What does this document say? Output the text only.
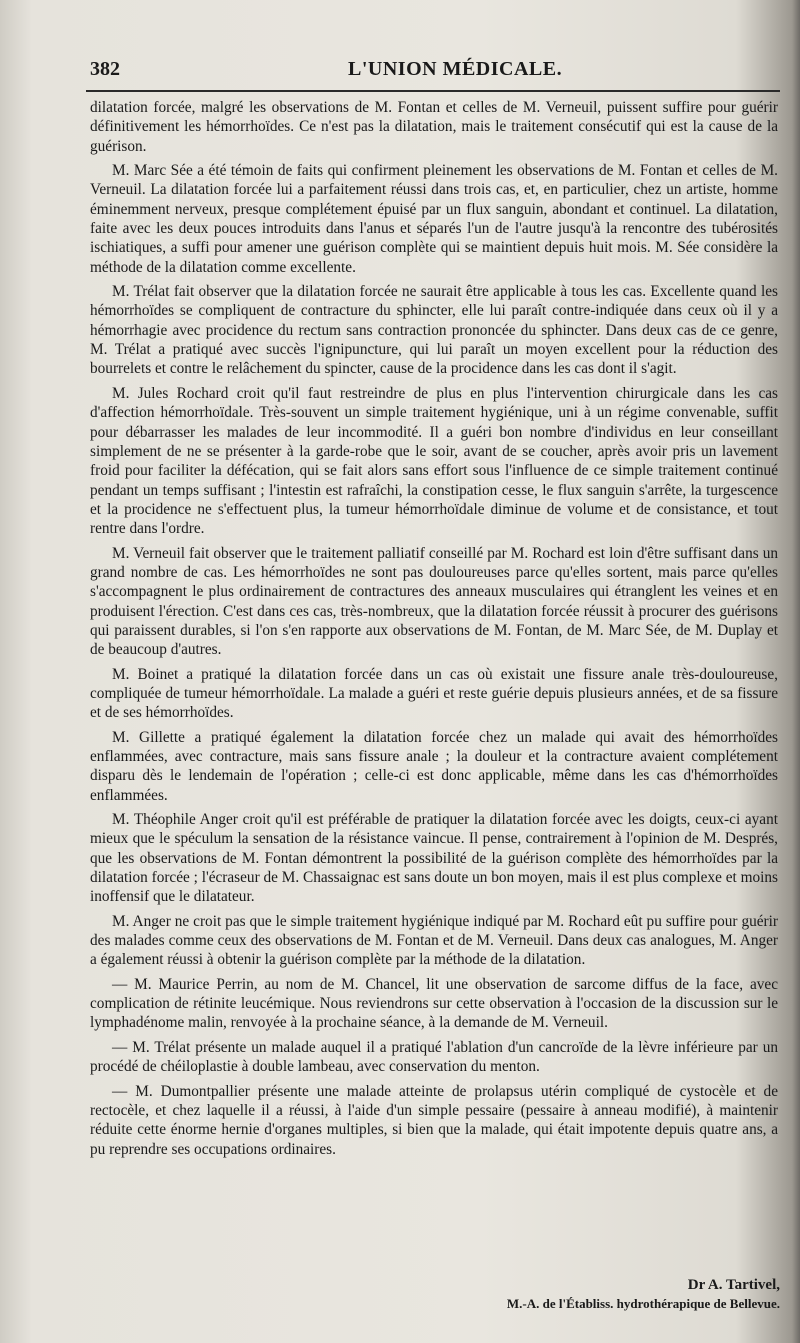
382	L'UNION MÉDICALE.

dilatation forcée, malgré les observations de M. Fontan et celles de M. Verneuil, puissent suffire pour guérir définitivement les hémorrhoïdes. Ce n'est pas la dilatation, mais le traitement consécutif qui est la cause de la guérison.

M. Marc Sée a été témoin de faits qui confirment pleinement les observations de M. Fontan et celles de M. Verneuil. La dilatation forcée lui a parfaitement réussi dans trois cas, et, en particulier, chez un artiste, homme éminemment nerveux, presque complétement épuisé par un flux sanguin, abondant et continuel. La dilatation, faite avec les deux pouces introduits dans l'anus et séparés l'un de l'autre jusqu'à la rencontre des tubérosités ischiatiques, a suffi pour amener une guérison complète qui se maintient depuis huit mois. M. Sée considère la méthode de la dilatation comme excellente.

M. Trélat fait observer que la dilatation forcée ne saurait être applicable à tous les cas. Excellente quand les hémorrhoïdes se compliquent de contracture du sphincter, elle lui paraît contre-indiquée dans ceux où il y a hémorrhagie avec procidence du rectum sans contraction prononcée du sphincter. Dans deux cas de ce genre, M. Trélat a pratiqué avec succès l'ignipuncture, qui lui paraît un moyen excellent pour la réduction des bourrelets et contre le relâchement du spincter, cause de la procidence dans les cas dont il s'agit.

M. Jules Rochard croit qu'il faut restreindre de plus en plus l'intervention chirurgicale dans les cas d'affection hémorrhoïdale. Très-souvent un simple traitement hygiénique, uni à un régime convenable, suffit pour débarrasser les malades de leur incommodité. Il a guéri bon nombre d'individus en leur conseillant simplement de ne se présenter à la garde-robe que le soir, avant de se coucher, après avoir pris un lavement froid pour faciliter la défécation, qui se fait alors sans effort sous l'influence de ce simple traitement continué pendant un temps suffisant ; l'intestin est rafraîchi, la constipation cesse, le flux sanguin s'arrête, la turgescence et la procidence ne s'effectuent plus, la tumeur hémorrhoïdale diminue de volume et de consistance, et tout rentre dans l'ordre.

M. Verneuil fait observer que le traitement palliatif conseillé par M. Rochard est loin d'être suffisant dans un grand nombre de cas. Les hémorrhoïdes ne sont pas douloureuses parce qu'elles sortent, mais parce qu'elles s'accompagnent le plus ordinairement de contractures des anneaux musculaires qui étranglent les veines et en produisent l'érection. C'est dans ces cas, très-nombreux, que la dilatation forcée réussit à procurer des guérisons qui paraissent durables, si l'on s'en rapporte aux observations de M. Fontan, de M. Marc Sée, de M. Duplay et de beaucoup d'autres.

M. Boinet a pratiqué la dilatation forcée dans un cas où existait une fissure anale très-douloureuse, compliquée de tumeur hémorrhoïdale. La malade a guéri et reste guérie depuis plusieurs années, et de sa fissure et de ses hémorrhoïdes.

M. Gillette a pratiqué également la dilatation forcée chez un malade qui avait des hémorrhoïdes enflammées, avec contracture, mais sans fissure anale ; la douleur et la contracture avaient complétement disparu dès le lendemain de l'opération ; celle-ci est donc applicable, même dans les cas d'hémorrhoïdes enflammées.

M. Théophile Anger croit qu'il est préférable de pratiquer la dilatation forcée avec les doigts, ceux-ci ayant mieux que le spéculum la sensation de la résistance vaincue. Il pense, contrairement à l'opinion de M. Després, que les observations de M. Fontan démontrent la possibilité de la guérison complète des hémorrhoïdes par la dilatation forcée ; l'écraseur de M. Chassaignac est sans doute un bon moyen, mais il est plus complexe et moins inoffensif que le dilatateur.

M. Anger ne croit pas que le simple traitement hygiénique indiqué par M. Rochard eût pu suffire pour guérir des malades comme ceux des observations de M. Fontan et de M. Verneuil. Dans deux cas analogues, M. Anger a également réussi à obtenir la guérison complète par la méthode de la dilatation.

— M. Maurice Perrin, au nom de M. Chancel, lit une observation de sarcome diffus de la face, avec complication de rétinite leucémique. Nous reviendrons sur cette observation à l'occasion de la discussion sur le lymphadénome malin, renvoyée à la prochaine séance, à la demande de M. Verneuil.

— M. Trélat présente un malade auquel il a pratiqué l'ablation d'un cancroïde de la lèvre inférieure par un procédé de chéiloplastie à double lambeau, avec conservation du menton.

— M. Dumontpallier présente une malade atteinte de prolapsus utérin compliqué de cystocèle et de rectocèle, et chez laquelle il a réussi, à l'aide d'un simple pessaire (pessaire à anneau modifié), à maintenir réduite cette énorme hernie d'organes multiples, si bien que la malade, qui était impotente depuis quatre ans, a pu reprendre ses occupations ordinaires.

Dr A. Tartivel,
M.-A. de l'Établiss. hydrothérapique de Bellevue.
